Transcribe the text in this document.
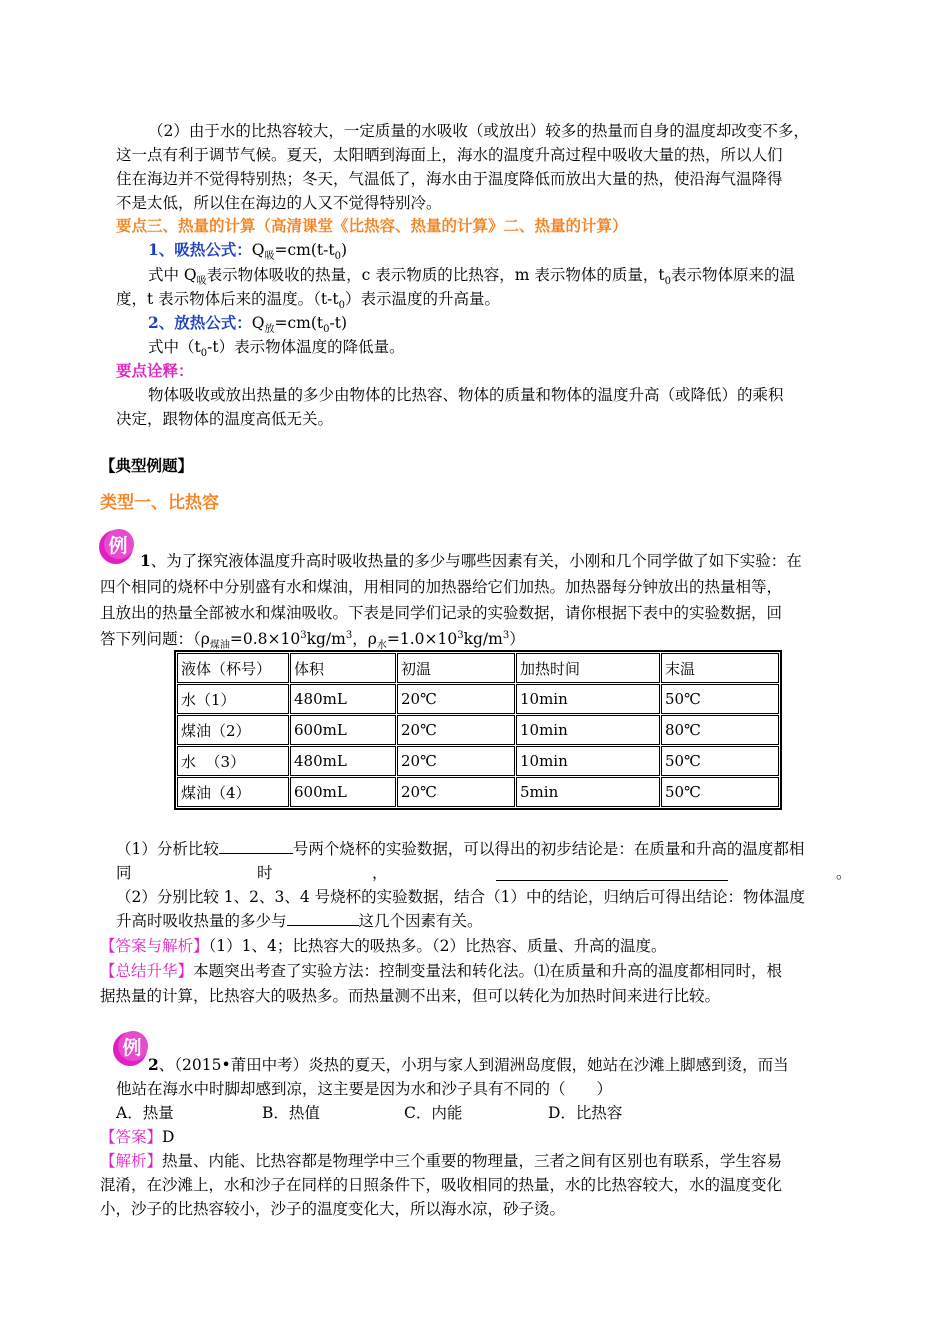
（2）由于水的比热容较大，一定质量的水吸收（或放出）较多的热量而自身的温度却改变不多，
这一点有利于调节气候。夏天，太阳晒到海面上，海水的温度升高过程中吸收大量的热，所以人们
住在海边并不觉得特别热；冬天，气温低了，海水由于温度降低而放出大量的热，使沿海气温降得
不是太低，所以住在海边的人又不觉得特别冷。
要点三、热量的计算（高清课堂《比热容、热量的计算》二、热量的计算）
1、吸热公式：$Q_吸=cm(t-t_0)$
式中 $Q_吸$表示物体吸收的热量，c 表示物质的比热容，m 表示物体的质量，$t_0$表示物体原来的温
度，t 表示物体后来的温度。$(t-t_0)$表示温度的升高量。
2、放热公式：$Q_放=cm(t_0-t)$
式中$(t_0-t)$表示物体温度的降低量。
要点诠释：
物体吸收或放出热量的多少由物体的比热容、物体的质量和物体的温度升高（或降低）的乘积
决定，跟物体的温度高低无关。
【典型例题】
类型一、比热容
例
1、为了探究液体温度升高时吸收热量的多少与哪些因素有关，小刚和几个同学做了如下实验：在
四个相同的烧杯中分别盛有水和煤油，用相同的加热器给它们加热。加热器每分钟放出的热量相等，
且放出的热量全部被水和煤油吸收。下表是同学们记录的实验数据，请你根据下表中的实验数据，回
答下列问题：（$\rho_{煤油}=0.8\times 10^3kg/m^3$，$\rho_水=1.0\times 10^3kg/m^3$）
液体（杯号）	体积	初温	加热时间	末温
水（1）	480mL	20℃	10min	50℃
煤油（2）	600mL	20℃	10min	80℃
水  （3）	480mL	20℃	10min	50℃
煤油（4）	600mL	20℃	5min	50℃
（1）分析比较	号两个烧杯的实验数据，可以得出的初步结论是：在质量和升高的温度都相
同	时	，	。
（2）分别比较 1、2、3、4 号烧杯的实验数据，结合（1）中的结论，归纳后可得出结论：物体温度
升高时吸收热量的多少与	这几个因素有关。
【答案与解析】（1）1、4；比热容大的吸热多。（2）比热容、质量、升高的温度。
【总结升华】本题突出考查了实验方法：控制变量法和转化法。⑴在质量和升高的温度都相同时，根
据热量的计算，比热容大的吸热多。而热量测不出来，但可以转化为加热时间来进行比较。
例
2、（2015•莆田中考）炎热的夏天，小玥与家人到湄洲岛度假，她站在沙滩上脚感到烫，而当
他站在海水中时脚却感到凉，这主要是因为水和沙子具有不同的（　　）
A．热量	B．热值	C．内能	D．比热容
【答案】D
【解析】热量、内能、比热容都是物理学中三个重要的物理量，三者之间有区别也有联系，学生容易
混淆，在沙滩上，水和沙子在同样的日照条件下，吸收相同的热量，水的比热容较大，水的温度变化
小，沙子的比热容较小，沙子的温度变化大，所以海水凉，砂子烫。
